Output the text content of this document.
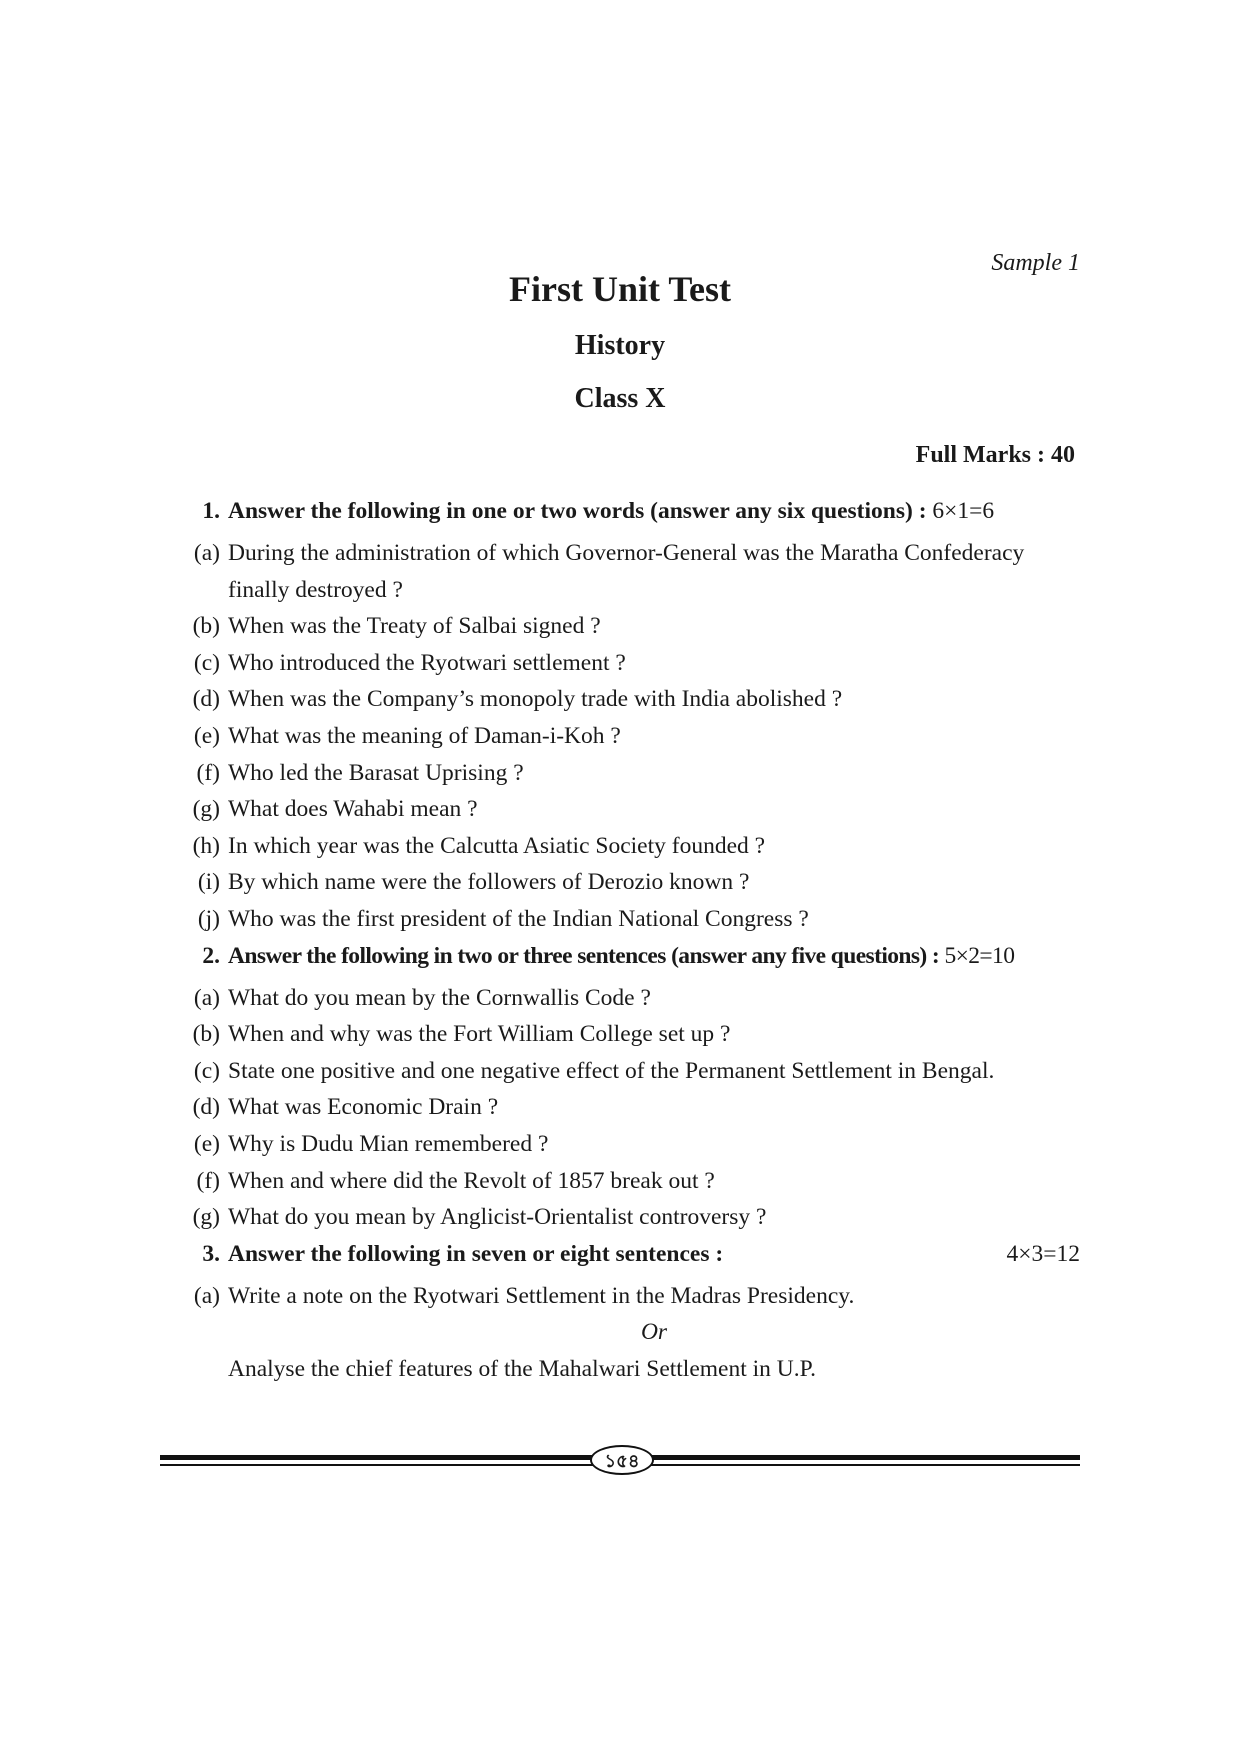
Sample 1
First Unit Test
History
Class X
Full Marks : 40
1. Answer the following in one or two words (answer any six questions) : 6×1=6
(a) During the administration of which Governor-General was the Maratha Confederacy finally destroyed ?
(b) When was the Treaty of Salbai signed ?
(c) Who introduced the Ryotwari settlement ?
(d) When was the Company’s monopoly trade with India abolished ?
(e) What was the meaning of Daman-i-Koh ?
(f) Who led the Barasat Uprising ?
(g) What does Wahabi mean ?
(h) In which year was the Calcutta Asiatic Society founded ?
(i) By which name were the followers of Derozio known ?
(j) Who was the first president of the Indian National Congress ?
2. Answer the following in two or three sentences (answer any five questions) : 5×2=10
(a) What do you mean by the Cornwallis Code ?
(b) When and why was the Fort William College set up ?
(c) State one positive and one negative effect of the Permanent Settlement in Bengal.
(d) What was Economic Drain ?
(e) Why is Dudu Mian remembered ?
(f) When and where did the Revolt of 1857 break out ?
(g) What do you mean by Anglicist-Orientalist controversy ?
3. Answer the following in seven or eight sentences :	4×3=12
(a) Write a note on the Ryotwari Settlement in the Madras Presidency.
Or
Analyse the chief features of the Mahalwari Settlement in U.P.
১৫৪
